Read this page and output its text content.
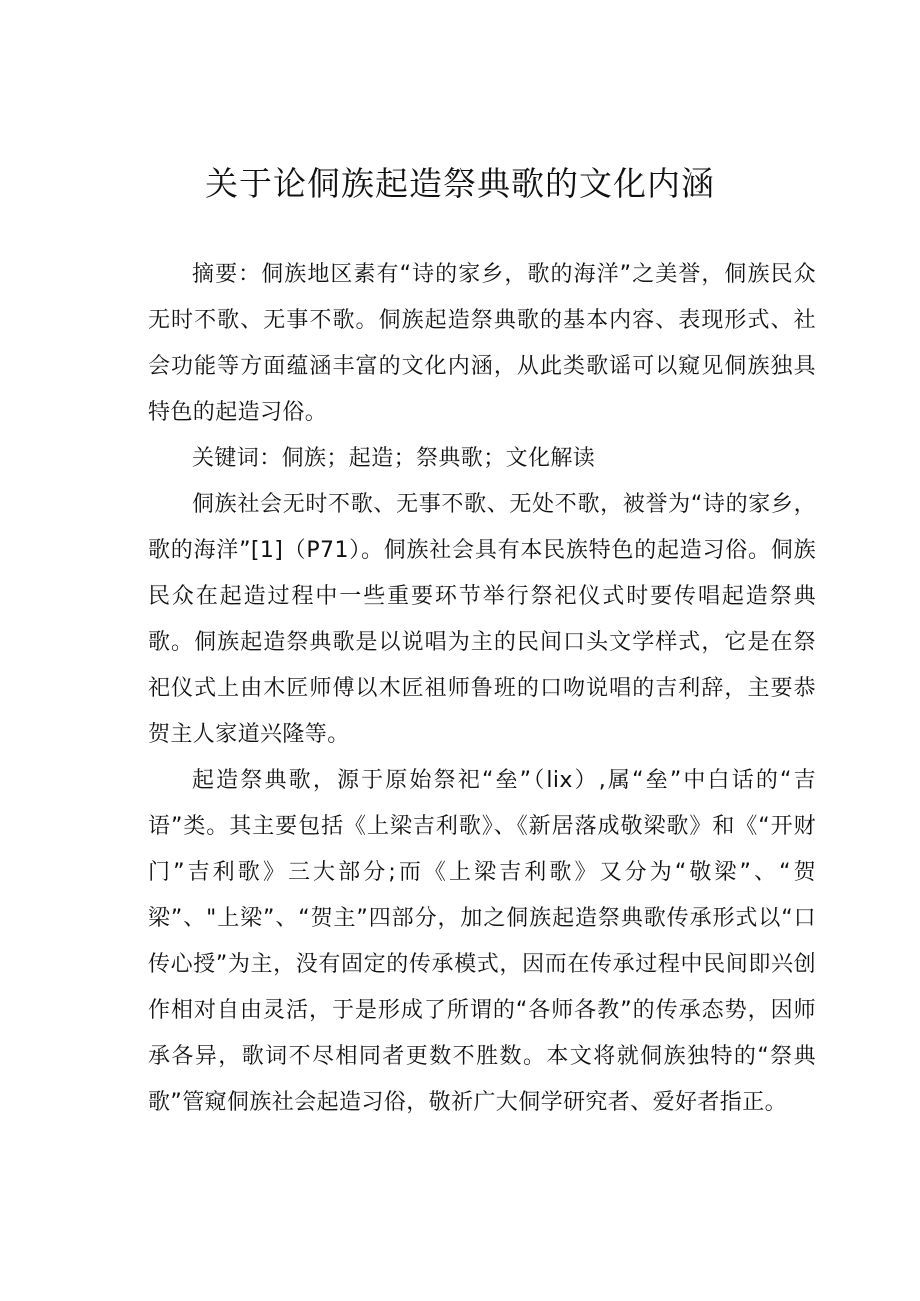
关于论侗族起造祭典歌的文化内涵

摘要：侗族地区素有“诗的家乡，歌的海洋”之美誉，侗族民众无时不歌、无事不歌。侗族起造祭典歌的基本内容、表现形式、社会功能等方面蕴涵丰富的文化内涵，从此类歌谣可以窥见侗族独具特色的起造习俗。

关键词：侗族；起造；祭典歌；文化解读

侗族社会无时不歌、无事不歌、无处不歌，被誉为“诗的家乡，歌的海洋”[1]（P71）。侗族社会具有本民族特色的起造习俗。侗族民众在起造过程中一些重要环节举行祭祀仪式时要传唱起造祭典歌。侗族起造祭典歌是以说唱为主的民间口头文学样式，它是在祭祀仪式上由木匠师傅以木匠祖师鲁班的口吻说唱的吉利辞，主要恭贺主人家道兴隆等。

起造祭典歌，源于原始祭祀“垒”（lix）,属“垒”中白话的“吉语”类。其主要包括《上梁吉利歌》、《新居落成敬梁歌》和《“开财门”吉利歌》三大部分;而《上梁吉利歌》又分为“敬梁”、“贺梁”、"上梁”、“贺主”四部分，加之侗族起造祭典歌传承形式以“口传心授”为主，没有固定的传承模式，因而在传承过程中民间即兴创作相对自由灵活，于是形成了所谓的“各师各教”的传承态势，因师承各异，歌词不尽相同者更数不胜数。本文将就侗族独特的“祭典歌”管窥侗族社会起造习俗，敬祈广大侗学研究者、爱好者指正。
